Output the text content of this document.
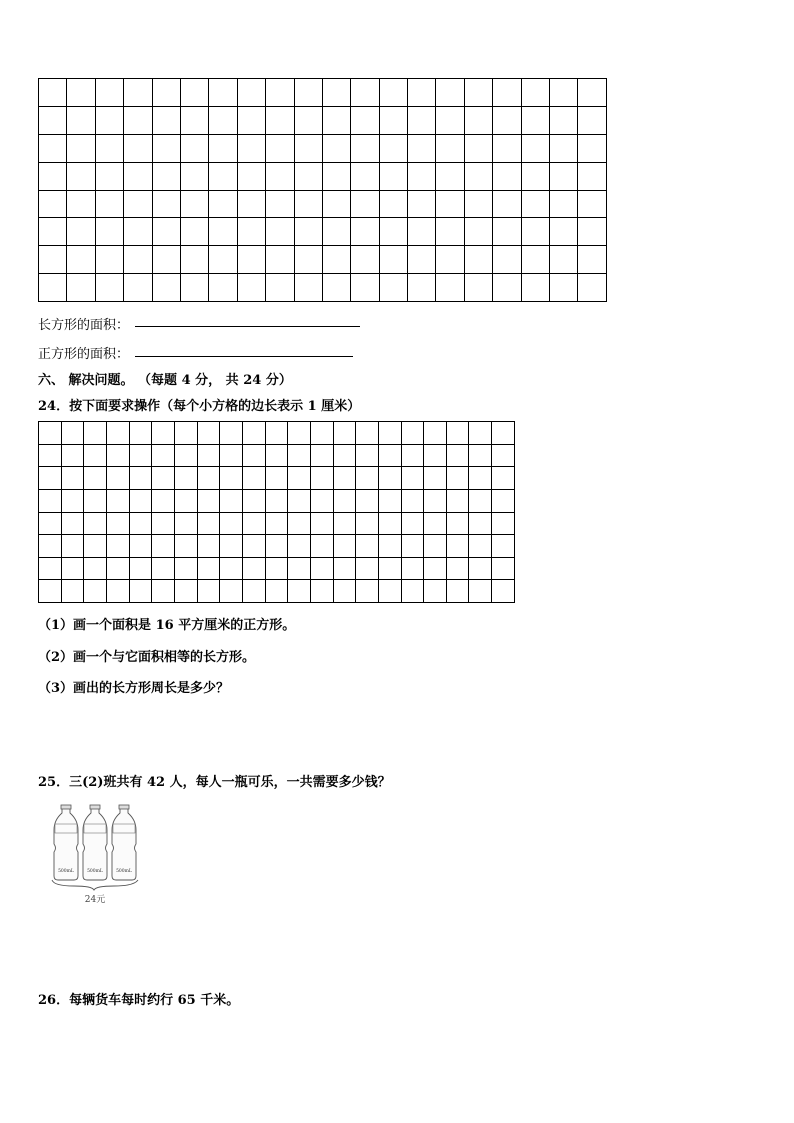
长方形的面积：
正方形的面积：
六、 解决问题。 （每题 4 分， 共 24 分）
24．按下面要求操作（每个小方格的边长表示 1 厘米）

（1）画一个面积是 16 平方厘米的正方形。
（2）画一个与它面积相等的长方形。
（3）画出的长方形周长是多少？
25．三(2)班共有 42 人，每人一瓶可乐，一共需要多少钱？
500mL	500mL	500mL
24元
26．每辆货车每时约行 65 千米。
